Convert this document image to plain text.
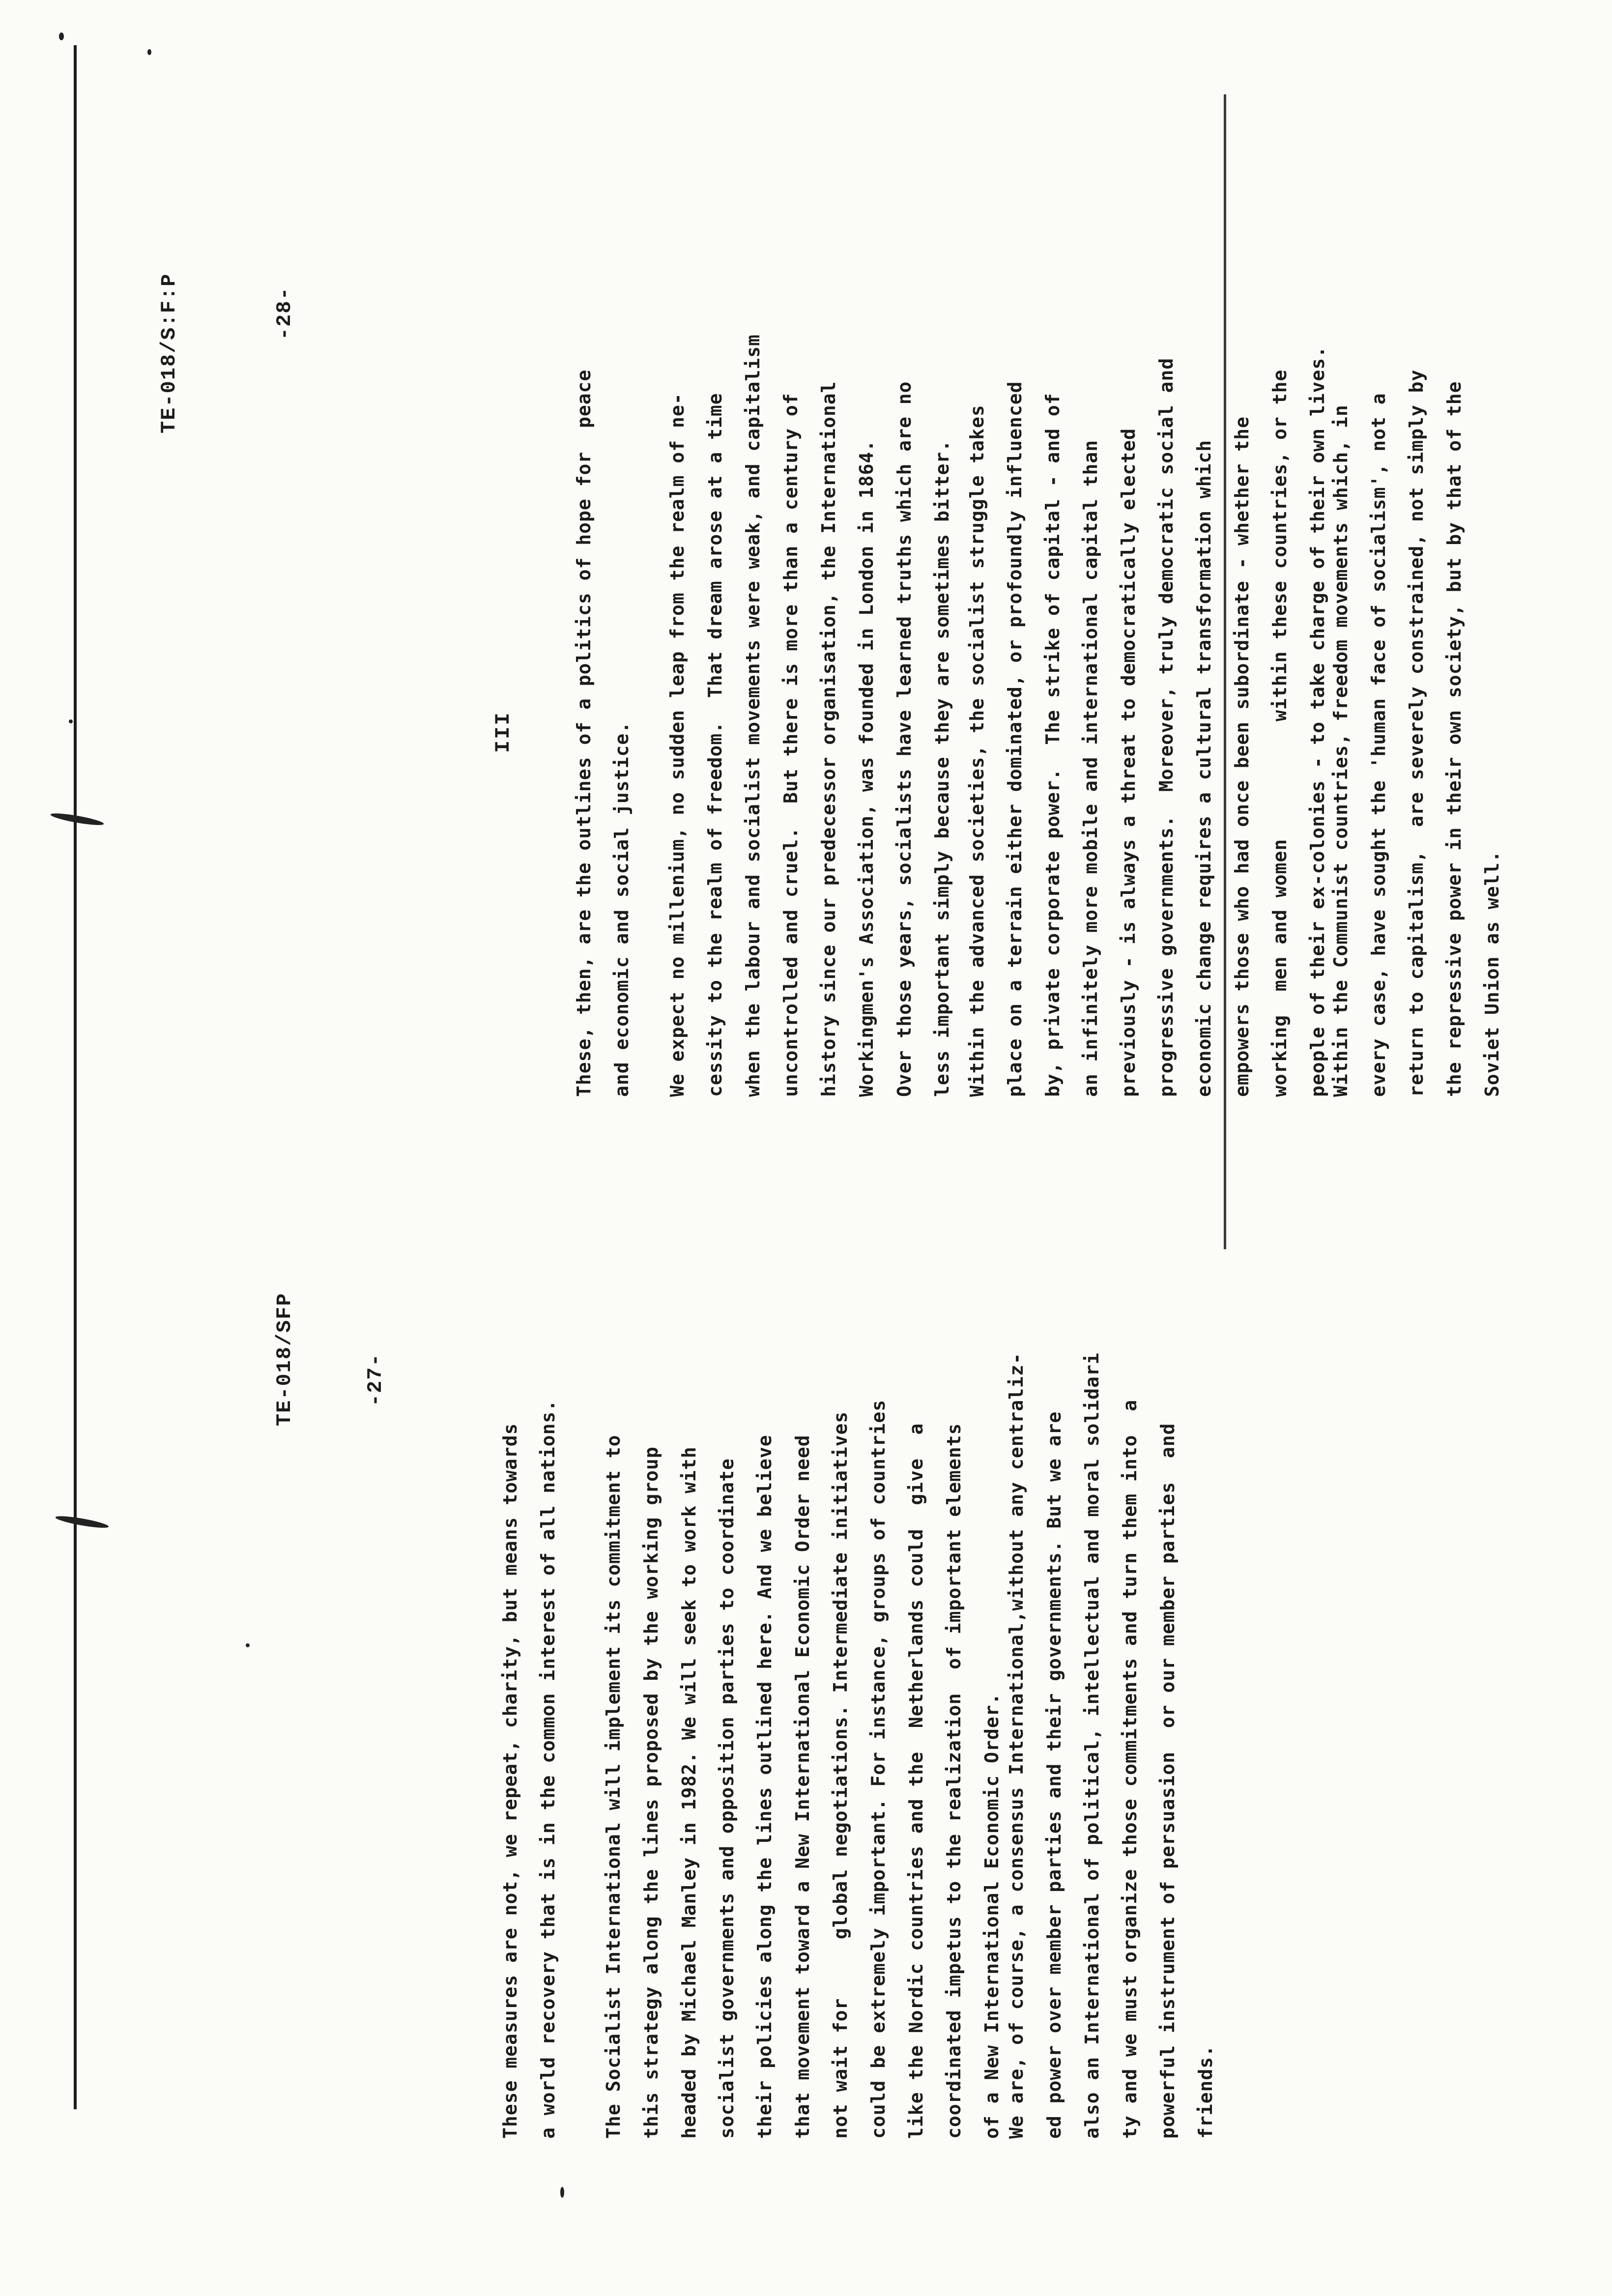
TE-018/SFP	-27-
These measures are not, we repeat, charity, but means towards
a world recovery that is in the common interest of all nations.
The Socialist International will implement its commitment to
this strategy along the lines proposed by the working group
headed by Michael Manley in 1982. We will seek to work with
socialist governments and opposition parties to coordinate
their policies along the lines outlined here. And we believe
that movement toward a New International Economic Order need
not wait for     global negotiations. Intermediate initiatives
could be extremely important. For instance, groups of countries
like the Nordic countries and the  Netherlands could  give  a
coordinated impetus to the realization  of important elements
of a New International Economic Order.
We are, of course, a consensus International,without any centraliz-
ed power over member parties and their governments. But we are
also an International of political, intellectual and moral solidari
ty and we must organize those commitments and turn them into  a
powerful instrument of persuasion  or our member parties  and
friends.
TE-018/S:F:P	-28-
III
These, then, are the outlines of a politics of hope for  peace
and economic and social justice.
We expect no millenium, no sudden leap from the realm of ne-
cessity to the realm of freedom.  That dream arose at a time
when the labour and socialist movements were weak, and capitalism
uncontrolled and cruel.  But there is more than a century of
history since our predecessor organisation, the International
Workingmen's Association, was founded in London in 1864.
Over those years, socialists have learned truths which are no
less important simply because they are sometimes bitter.
Within the advanced societies, the socialist struggle takes
place on a terrain either dominated, or profoundly influenced
by, private corporate power.  The strike of capital - and of
an infinitely more mobile and international capital than
previously - is always a threat to democratically elected
progressive governments.  Moreover, truly democratic social and
economic change requires a cultural transformation which
empowers those who had once been subordinate - whether the
working  men and women          within these countries, or the
people of their ex-colonies - to take charge of their own lives.
Within the Communist countries, freedom movements which, in
every case, have sought the 'human face of socialism', not a
return to capitalism,  are severely constrained, not simply by
the repressive power in their own society, but by that of the
Soviet Union as well.
